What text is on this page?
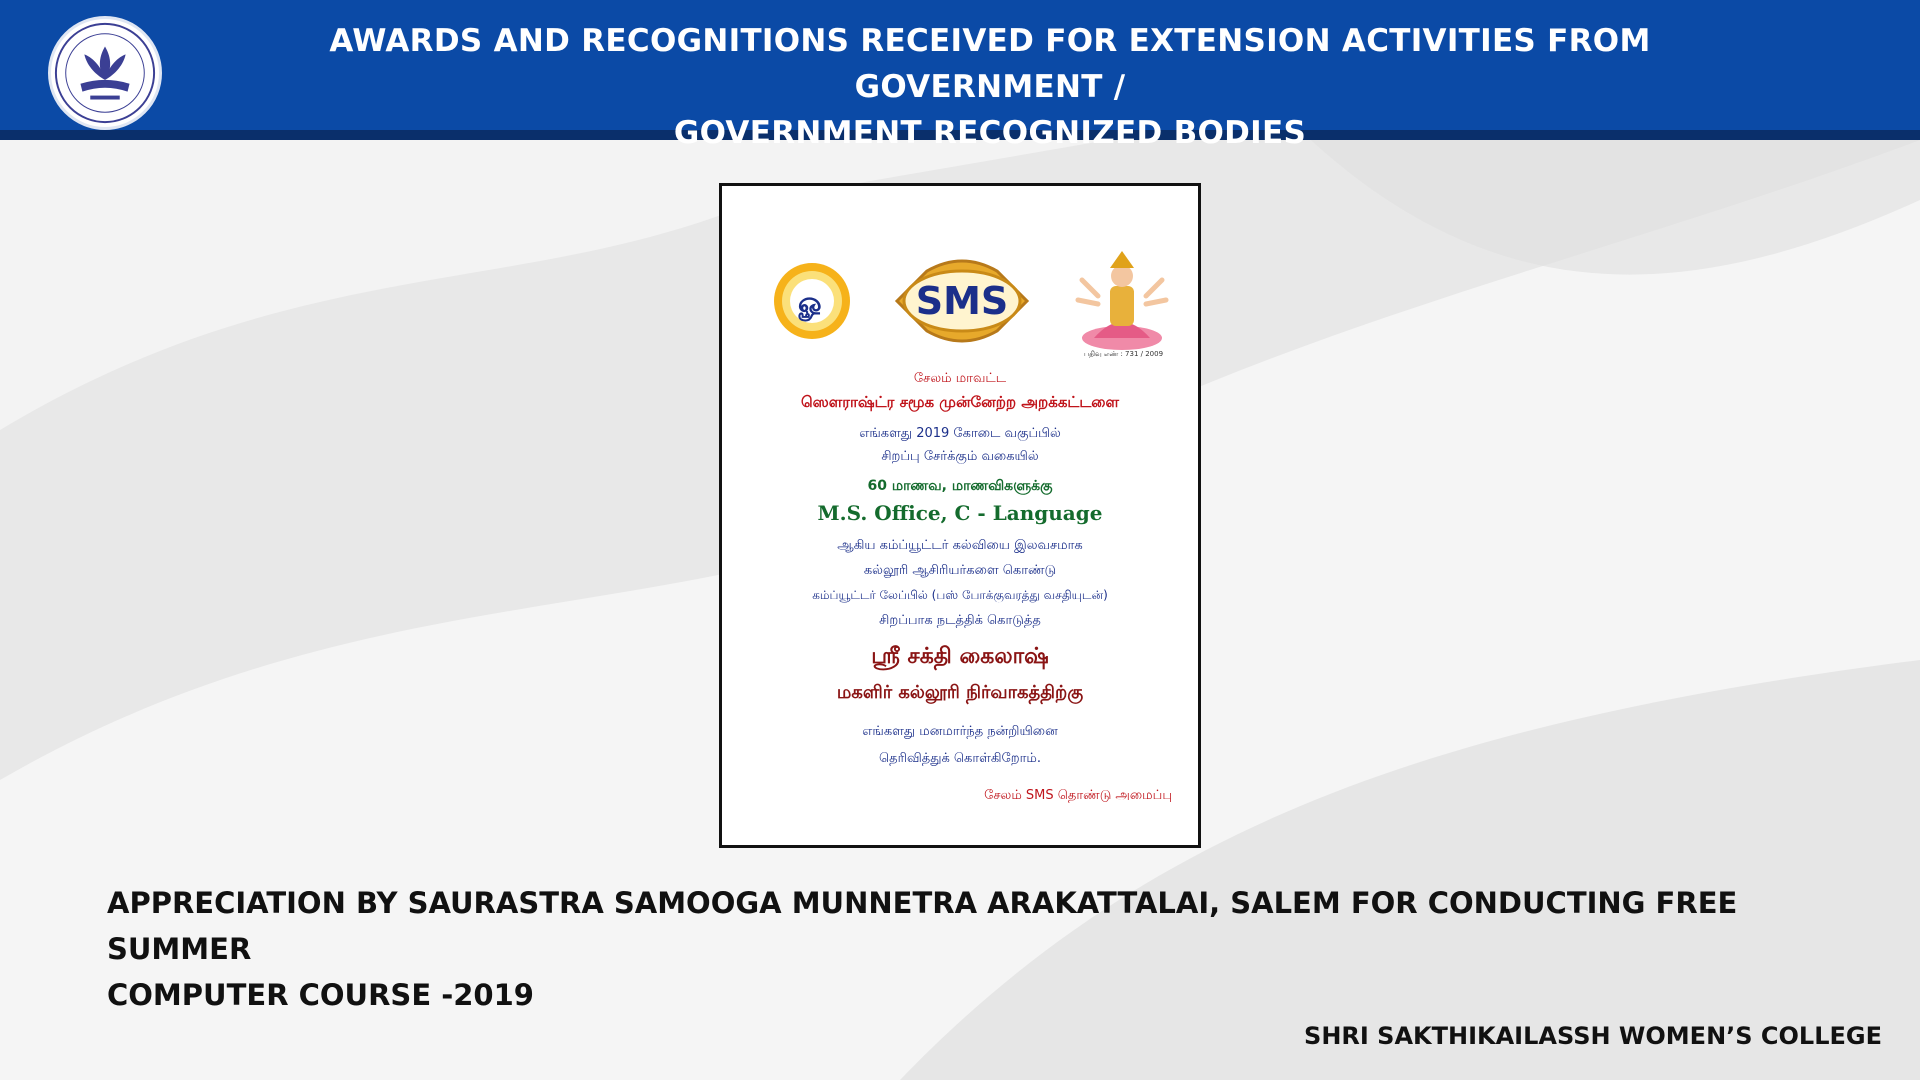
AWARDS AND RECOGNITIONS RECEIVED FOR EXTENSION ACTIVITIES FROM GOVERNMENT /
GOVERNMENT RECOGNIZED BODIES
ௐ SMS
பதிவு எண் : 731 / 2009
சேலம் மாவட்ட
ஸௌராஷ்ட்ர சமூக முன்னேற்ற அறக்கட்டளை
எங்களது 2019 கோடை வகுப்பில்
சிறப்பு சேர்க்கும் வகையில்
60 மாணவ, மாணவிகளுக்கு
M.S. Office, C - Language
ஆகிய கம்ப்யூட்டர் கல்வியை இலவசமாக
கல்லூரி ஆசிரியர்களை கொண்டு
கம்ப்யூட்டர் லேப்பில் (பஸ் போக்குவரத்து வசதியுடன்)
சிறப்பாக நடத்திக் கொடுத்த
ஸ்ரீ சக்தி கைலாஷ்
மகளிர் கல்லூரி நிர்வாகத்திற்கு
எங்களது மனமார்ந்த நன்றியினை
தெரிவித்துக் கொள்கிறோம்.
சேலம் SMS தொண்டு அமைப்பு
APPRECIATION BY SAURASTRA SAMOOGA MUNNETRA ARAKATTALAI, SALEM FOR CONDUCTING FREE SUMMER
COMPUTER COURSE -2019
SHRI SAKTHIKAILASSH WOMEN’S COLLEGE
